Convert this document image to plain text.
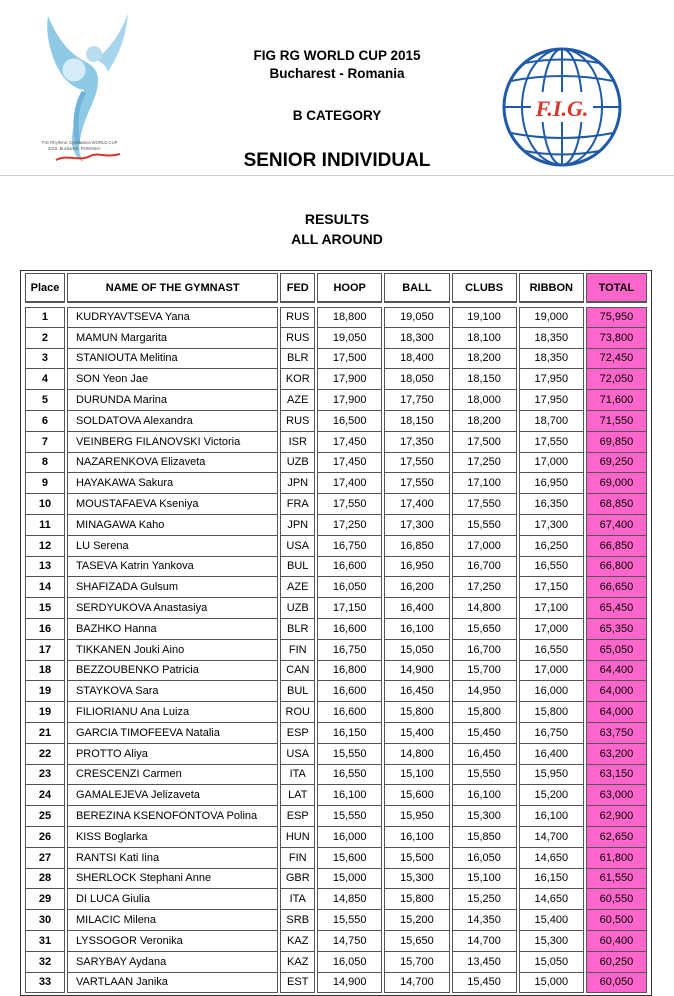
FIG Rhythmic Gymnastics WORLD CUP
2015, Bucharest, ROMANIA
F.I.G.
FIG RG WORLD CUP 2015
Bucharest - Romania
B CATEGORY
SENIOR INDIVIDUAL
RESULTS
ALL AROUND
Place	NAME OF THE GYMNAST	FED	HOOP	BALL	CLUBS	RIBBON	TOTAL

1	KUDRYAVTSEVA Yana	RUS	18,800	19,050	19,100	19,000	75,950
2	MAMUN Margarita	RUS	19,050	18,300	18,100	18,350	73,800
3	STANIOUTA Melitina	BLR	17,500	18,400	18,200	18,350	72,450
4	SON Yeon Jae	KOR	17,900	18,050	18,150	17,950	72,050
5	DURUNDA Marina	AZE	17,900	17,750	18,000	17,950	71,600
6	SOLDATOVA Alexandra	RUS	16,500	18,150	18,200	18,700	71,550
7	VEINBERG FILANOVSKI Victoria	ISR	17,450	17,350	17,500	17,550	69,850
8	NAZARENKOVA Elizaveta	UZB	17,450	17,550	17,250	17,000	69,250
9	HAYAKAWA Sakura	JPN	17,400	17,550	17,100	16,950	69,000
10	MOUSTAFAEVA Kseniya	FRA	17,550	17,400	17,550	16,350	68,850
11	MINAGAWA Kaho	JPN	17,250	17,300	15,550	17,300	67,400
12	LU Serena	USA	16,750	16,850	17,000	16,250	66,850
13	TASEVA Katrin Yankova	BUL	16,600	16,950	16,700	16,550	66,800
14	SHAFIZADA Gulsum	AZE	16,050	16,200	17,250	17,150	66,650
15	SERDYUKOVA Anastasiya	UZB	17,150	16,400	14,800	17,100	65,450
16	BAZHKO Hanna	BLR	16,600	16,100	15,650	17,000	65,350
17	TIKKANEN Jouki Aino	FIN	16,750	15,050	16,700	16,550	65,050
18	BEZZOUBENKO Patricia	CAN	16,800	14,900	15,700	17,000	64,400
19	STAYKOVA Sara	BUL	16,600	16,450	14,950	16,000	64,000
19	FILIORIANU Ana Luiza	ROU	16,600	15,800	15,800	15,800	64,000
21	GARCIA TIMOFEEVA Natalia	ESP	16,150	15,400	15,450	16,750	63,750
22	PROTTO Aliya	USA	15,550	14,800	16,450	16,400	63,200
23	CRESCENZI Carmen	ITA	16,550	15,100	15,550	15,950	63,150
24	GAMALEJEVA Jelizaveta	LAT	16,100	15,600	16,100	15,200	63,000
25	BEREZINA KSENOFONTOVA Polina	ESP	15,550	15,950	15,300	16,100	62,900
26	KISS Boglarka	HUN	16,000	16,100	15,850	14,700	62,650
27	RANTSI Kati Iina	FIN	15,600	15,500	16,050	14,650	61,800
28	SHERLOCK Stephani Anne	GBR	15,000	15,300	15,100	16,150	61,550
29	DI LUCA Giulia	ITA	14,850	15,800	15,250	14,650	60,550
30	MILACIC Milena	SRB	15,550	15,200	14,350	15,400	60,500
31	LYSSOGOR Veronika	KAZ	14,750	15,650	14,700	15,300	60,400
32	SARYBAY Aydana	KAZ	16,050	15,700	13,450	15,050	60,250
33	VARTLAAN Janika	EST	14,900	14,700	15,450	15,000	60,050
